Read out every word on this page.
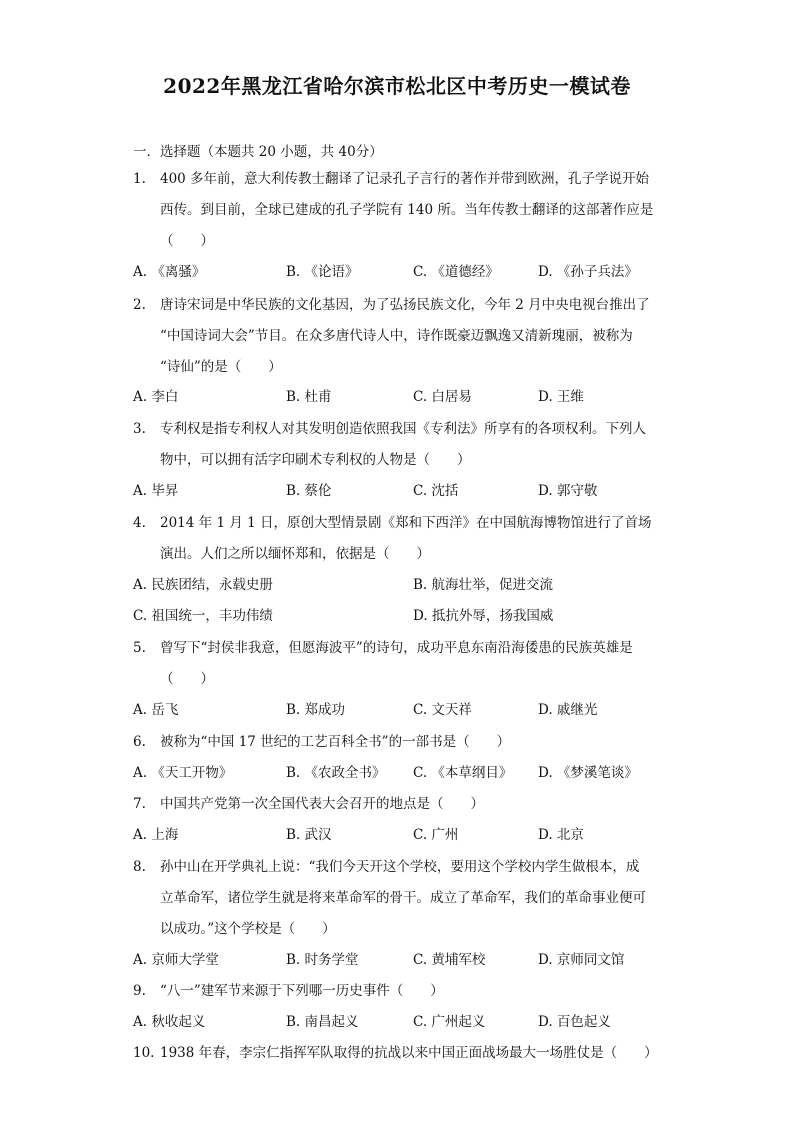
2022年黑龙江省哈尔滨市松北区中考历史一模试卷
一．选择题（本题共 20 小题，共 40分）
1.	400 多年前，意大利传教士翻译了记录孔子言行的著作并带到欧洲，孔子学说开始
西传。到目前，全球已建成的孔子学院有 140 所。当年传教士翻译的这部著作应是
（　　）
A. 《离骚》	B. 《论语》	C. 《道德经》	D. 《孙子兵法》
2.	唐诗宋词是中华民族的文化基因，为了弘扬民族文化，今年 2 月中央电视台推出了
“中国诗词大会”节目。在众多唐代诗人中，诗作既豪迈飘逸又清新瑰丽，被称为
“诗仙”的是（　　）
A. 李白	B. 杜甫	C. 白居易	D. 王维
3.	专利权是指专利权人对其发明创造依照我国《专利法》所享有的各项权利。下列人
物中，可以拥有活字印刷术专利权的人物是（　　）
A. 毕昇	B. 蔡伦	C. 沈括	D. 郭守敬
4.	2014 年 1 月 1 日，原创大型情景剧《郑和下西洋》在中国航海博物馆进行了首场
演出。人们之所以缅怀郑和，依据是（　　）
A. 民族团结，永载史册	B. 航海壮举，促进交流
C. 祖国统一，丰功伟绩	D. 抵抗外辱，扬我国威
5.	曾写下“封侯非我意，但愿海波平”的诗句，成功平息东南沿海倭患的民族英雄是
（　　）
A. 岳飞	B. 郑成功	C. 文天祥	D. 戚继光
6.	被称为“中国 17 世纪的工艺百科全书”的一部书是（　　）
A. 《天工开物》	B. 《农政全书》 C. 《本草纲目》 D. 《梦溪笔谈》
7.	中国共产党第一次全国代表大会召开的地点是（　　）
A. 上海	B. 武汉	C. 广州	D. 北京
8.	孙中山在开学典礼上说：“我们今天开这个学校，要用这个学校内学生做根本，成
立革命军，诸位学生就是将来革命军的骨干。成立了革命军，我们的革命事业便可
以成功。”这个学校是（　　）
A. 京师大学堂	B. 时务学堂	C. 黄埔军校	D. 京师同文馆
9.	“八一”建军节来源于下列哪一历史事件（　　）
A. 秋收起义	B. 南昌起义	C. 广州起义	D. 百色起义
10. 1938 年春，李宗仁指挥军队取得的抗战以来中国正面战场最大一场胜仗是（　　）
